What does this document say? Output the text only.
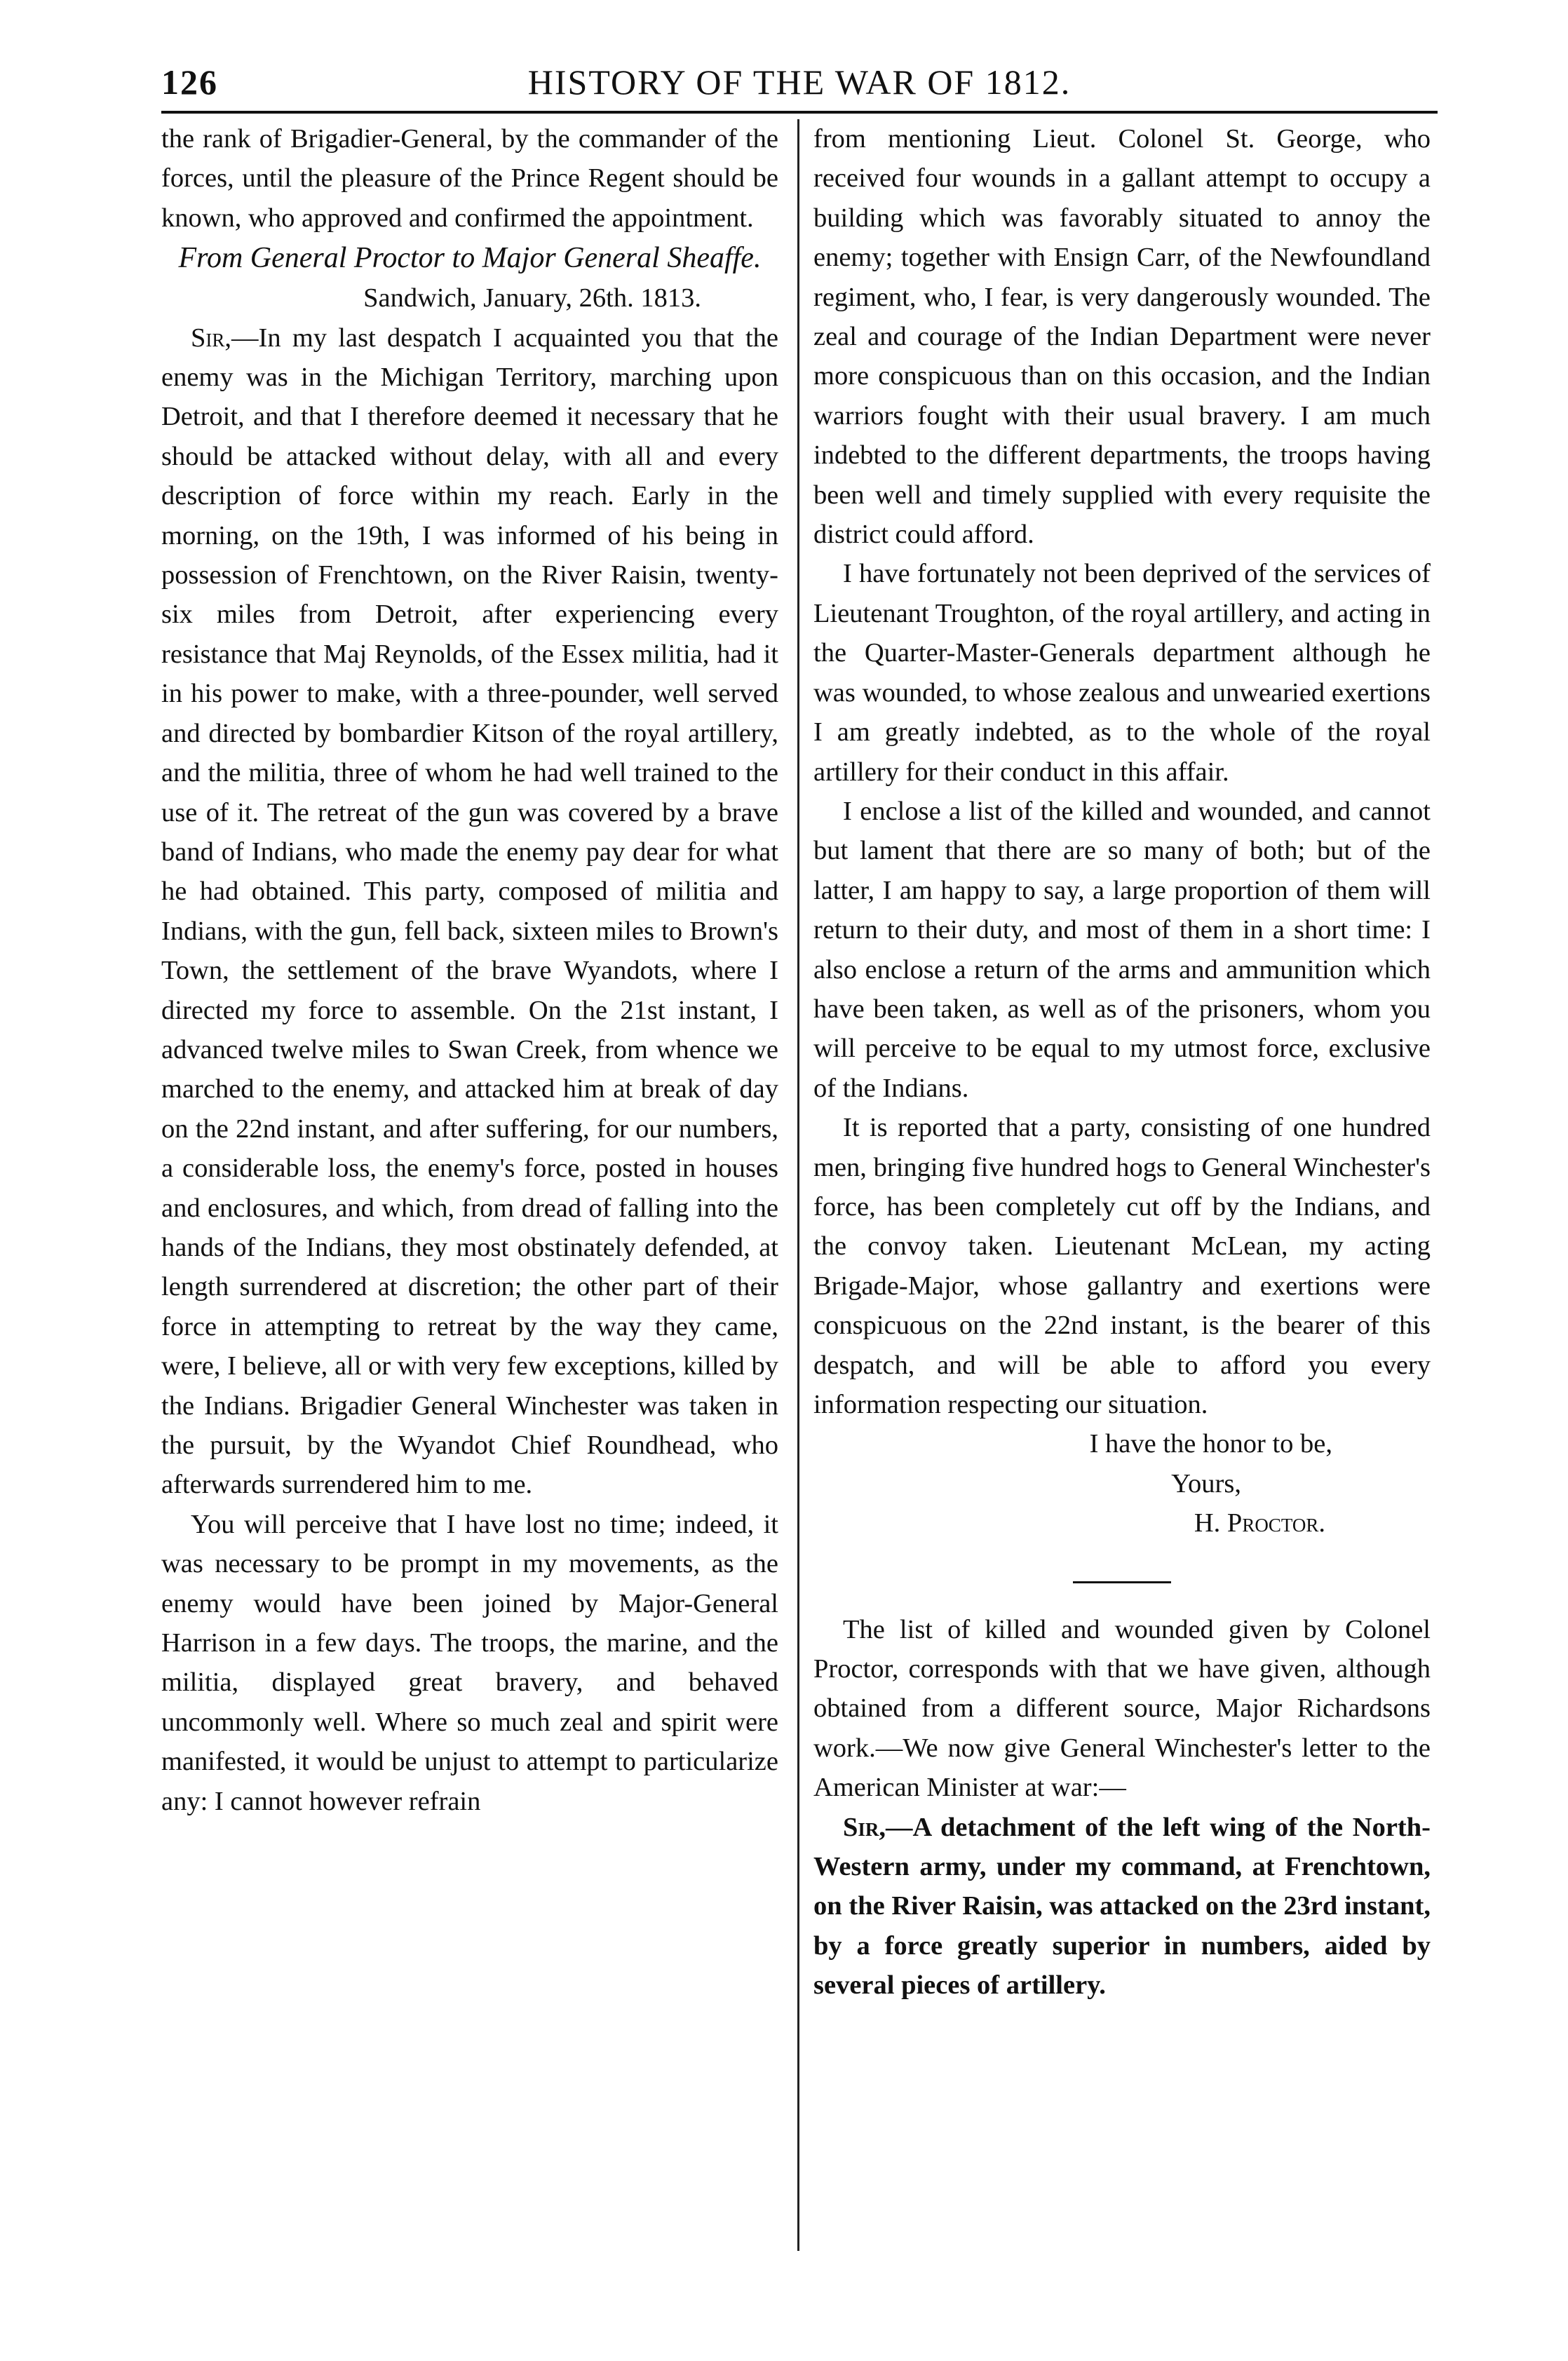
126	HISTORY OF THE WAR OF 1812.

the rank of Brigadier-General, by the commander of the forces, until the pleasure of the Prince Regent should be known, who approved and confirmed the appointment.

From General Proctor to Major General Sheaffe.

Sandwich, January, 26th. 1813.

Sir,—In my last despatch I acquainted you that the enemy was in the Michigan Territory, marching upon Detroit, and that I therefore deemed it necessary that he should be attacked without delay, with all and every description of force within my reach. Early in the morning, on the 19th, I was informed of his being in possession of Frenchtown, on the River Raisin, twenty-six miles from Detroit, after experiencing every resistance that Maj Reynolds, of the Essex militia, had it in his power to make, with a three-pounder, well served and directed by bombardier Kitson of the royal artillery, and the militia, three of whom he had well trained to the use of it. The retreat of the gun was covered by a brave band of Indians, who made the enemy pay dear for what he had obtained. This party, composed of militia and Indians, with the gun, fell back, sixteen miles to Brown's Town, the settlement of the brave Wyandots, where I directed my force to assemble. On the 21st instant, I advanced twelve miles to Swan Creek, from whence we marched to the enemy, and attacked him at break of day on the 22nd instant, and after suffering, for our numbers, a considerable loss, the enemy's force, posted in houses and enclosures, and which, from dread of falling into the hands of the Indians, they most obstinately defended, at length surrendered at discretion; the other part of their force in attempting to retreat by the way they came, were, I believe, all or with very few exceptions, killed by the Indians. Brigadier General Winchester was taken in the pursuit, by the Wyandot Chief Roundhead, who afterwards surrendered him to me.

You will perceive that I have lost no time; indeed, it was necessary to be prompt in my movements, as the enemy would have been joined by Major-General Harrison in a few days. The troops, the marine, and the militia, displayed great bravery, and behaved uncommonly well. Where so much zeal and spirit were manifested, it would be unjust to attempt to particularize any: I cannot however refrain

from mentioning Lieut. Colonel St. George, who received four wounds in a gallant attempt to occupy a building which was favorably situated to annoy the enemy; together with Ensign Carr, of the Newfoundland regiment, who, I fear, is very dangerously wounded. The zeal and courage of the Indian Department were never more conspicuous than on this occasion, and the Indian warriors fought with their usual bravery. I am much indebted to the different departments, the troops having been well and timely supplied with every requisite the district could afford.

I have fortunately not been deprived of the services of Lieutenant Troughton, of the royal artillery, and acting in the Quarter-Master-Generals department although he was wounded, to whose zealous and unwearied exertions I am greatly indebted, as to the whole of the royal artillery for their conduct in this affair.

I enclose a list of the killed and wounded, and cannot but lament that there are so many of both; but of the latter, I am happy to say, a large proportion of them will return to their duty, and most of them in a short time: I also enclose a return of the arms and ammunition which have been taken, as well as of the prisoners, whom you will perceive to be equal to my utmost force, exclusive of the Indians.

It is reported that a party, consisting of one hundred men, bringing five hundred hogs to General Winchester's force, has been completely cut off by the Indians, and the convoy taken. Lieutenant McLean, my acting Brigade-Major, whose gallantry and exertions were conspicuous on the 22nd instant, is the bearer of this despatch, and will be able to afford you every information respecting our situation.

I have the honor to be,

Yours,

H. Proctor.

The list of killed and wounded given by Colonel Proctor, corresponds with that we have given, although obtained from a different source, Major Richardsons work.—We now give General Winchester's letter to the American Minister at war:—

Sir,—A detachment of the left wing of the North-Western army, under my command, at Frenchtown, on the River Raisin, was attacked on the 23rd instant, by a force greatly superior in numbers, aided by several pieces of artillery.
